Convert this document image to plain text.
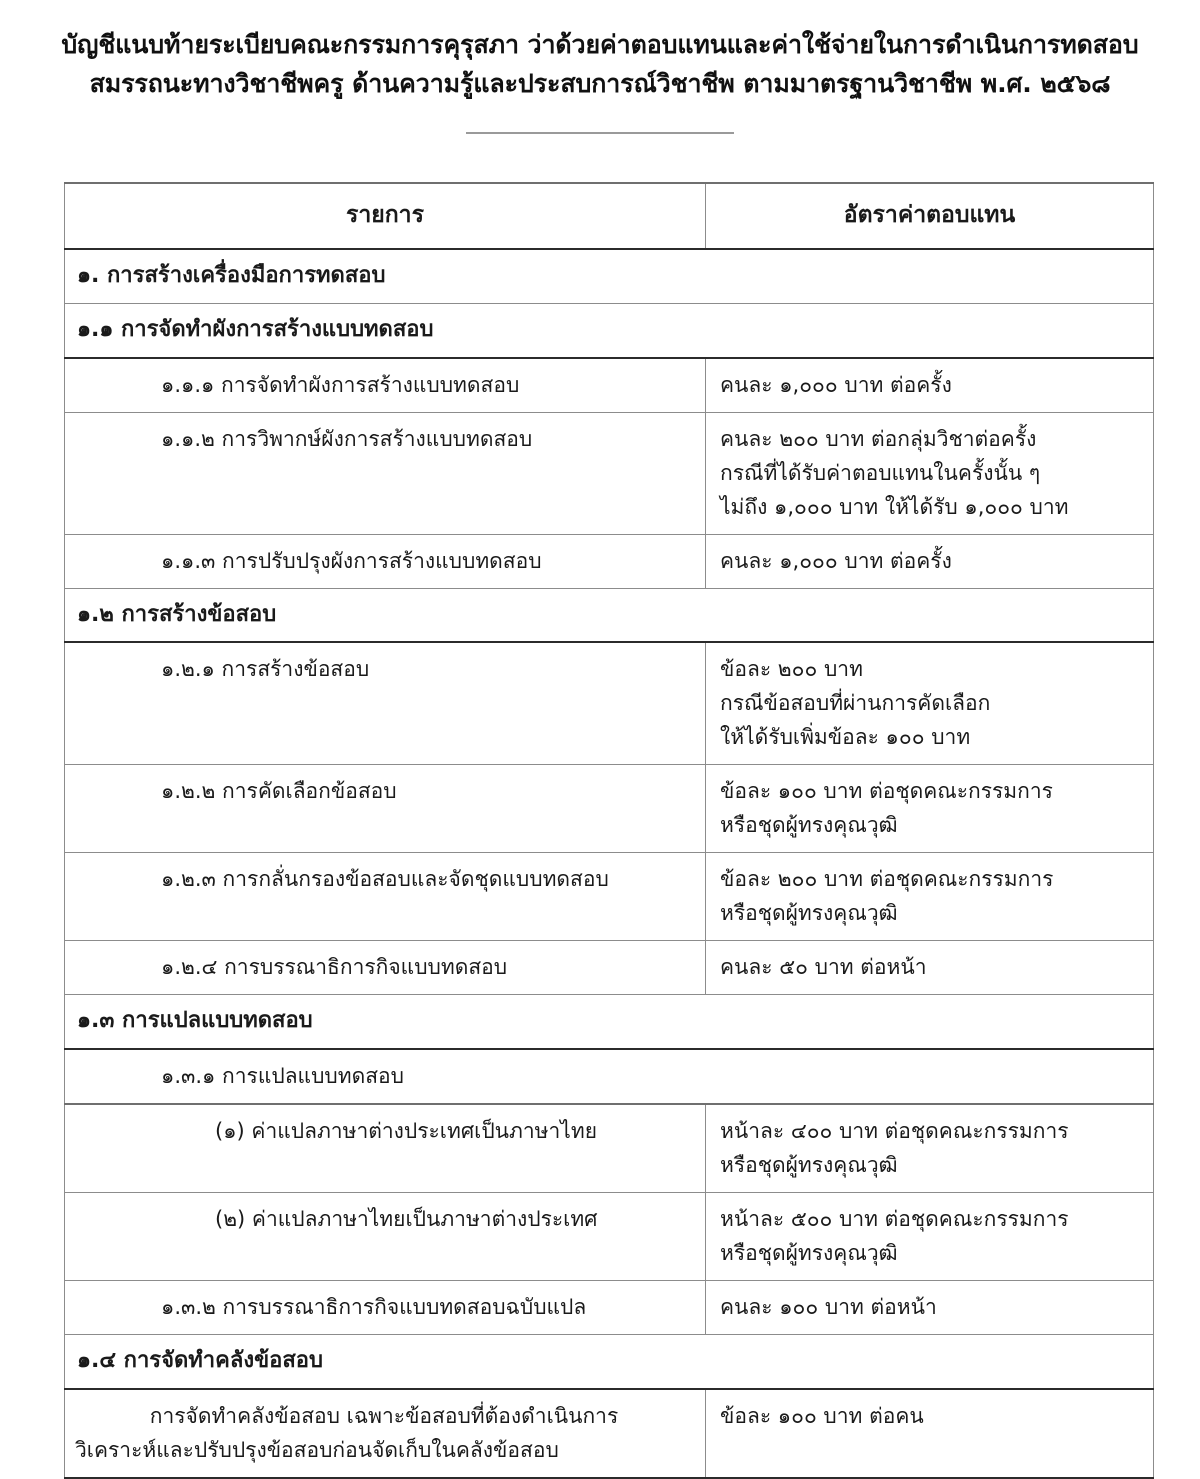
บัญชีแนบท้ายระเบียบคณะกรรมการคุรุสภา ว่าด้วยค่าตอบแทนและค่าใช้จ่ายในการดำเนินการทดสอบ
สมรรถนะทางวิชาชีพครู ด้านความรู้และประสบการณ์วิชาชีพ ตามมาตรฐานวิชาชีพ พ.ศ. ๒๕๖๘
รายการ	อัตราค่าตอบแทน

๑. การสร้างเครื่องมือการทดสอบ	

๑.๑ การจัดทำผังการสร้างแบบทดสอบ	

๑.๑.๑ การจัดทำผังการสร้างแบบทดสอบ	คนละ ๑,๐๐๐ บาท ต่อครั้ง

๑.๑.๒ การวิพากษ์ผังการสร้างแบบทดสอบ	คนละ ๒๐๐ บาท ต่อกลุ่มวิชาต่อครั้ง
กรณีที่ได้รับค่าตอบแทนในครั้งนั้น ๆ
ไม่ถึง ๑,๐๐๐ บาท ให้ได้รับ ๑,๐๐๐ บาท

๑.๑.๓ การปรับปรุงผังการสร้างแบบทดสอบ	คนละ ๑,๐๐๐ บาท ต่อครั้ง

๑.๒ การสร้างข้อสอบ	

๑.๒.๑ การสร้างข้อสอบ	ข้อละ ๒๐๐ บาท
กรณีข้อสอบที่ผ่านการคัดเลือก
ให้ได้รับเพิ่มข้อละ ๑๐๐ บาท

๑.๒.๒ การคัดเลือกข้อสอบ	ข้อละ ๑๐๐ บาท ต่อชุดคณะกรรมการ
หรือชุดผู้ทรงคุณวุฒิ

๑.๒.๓ การกลั่นกรองข้อสอบและจัดชุดแบบทดสอบ	ข้อละ ๒๐๐ บาท ต่อชุดคณะกรรมการ
หรือชุดผู้ทรงคุณวุฒิ

๑.๒.๔ การบรรณาธิการกิจแบบทดสอบ	คนละ ๕๐ บาท ต่อหน้า

๑.๓ การแปลแบบทดสอบ	

๑.๓.๑ การแปลแบบทดสอบ	

(๑) ค่าแปลภาษาต่างประเทศเป็นภาษาไทย	หน้าละ ๔๐๐ บาท ต่อชุดคณะกรรมการ
หรือชุดผู้ทรงคุณวุฒิ

(๒) ค่าแปลภาษาไทยเป็นภาษาต่างประเทศ	หน้าละ ๕๐๐ บาท ต่อชุดคณะกรรมการ
หรือชุดผู้ทรงคุณวุฒิ

๑.๓.๒ การบรรณาธิการกิจแบบทดสอบฉบับแปล	คนละ ๑๐๐ บาท ต่อหน้า

๑.๔ การจัดทำคลังข้อสอบ	

การจัดทำคลังข้อสอบ เฉพาะข้อสอบที่ต้องดำเนินการ
วิเคราะห์และปรับปรุงข้อสอบก่อนจัดเก็บในคลังข้อสอบ	ข้อละ ๑๐๐ บาท ต่อคน
